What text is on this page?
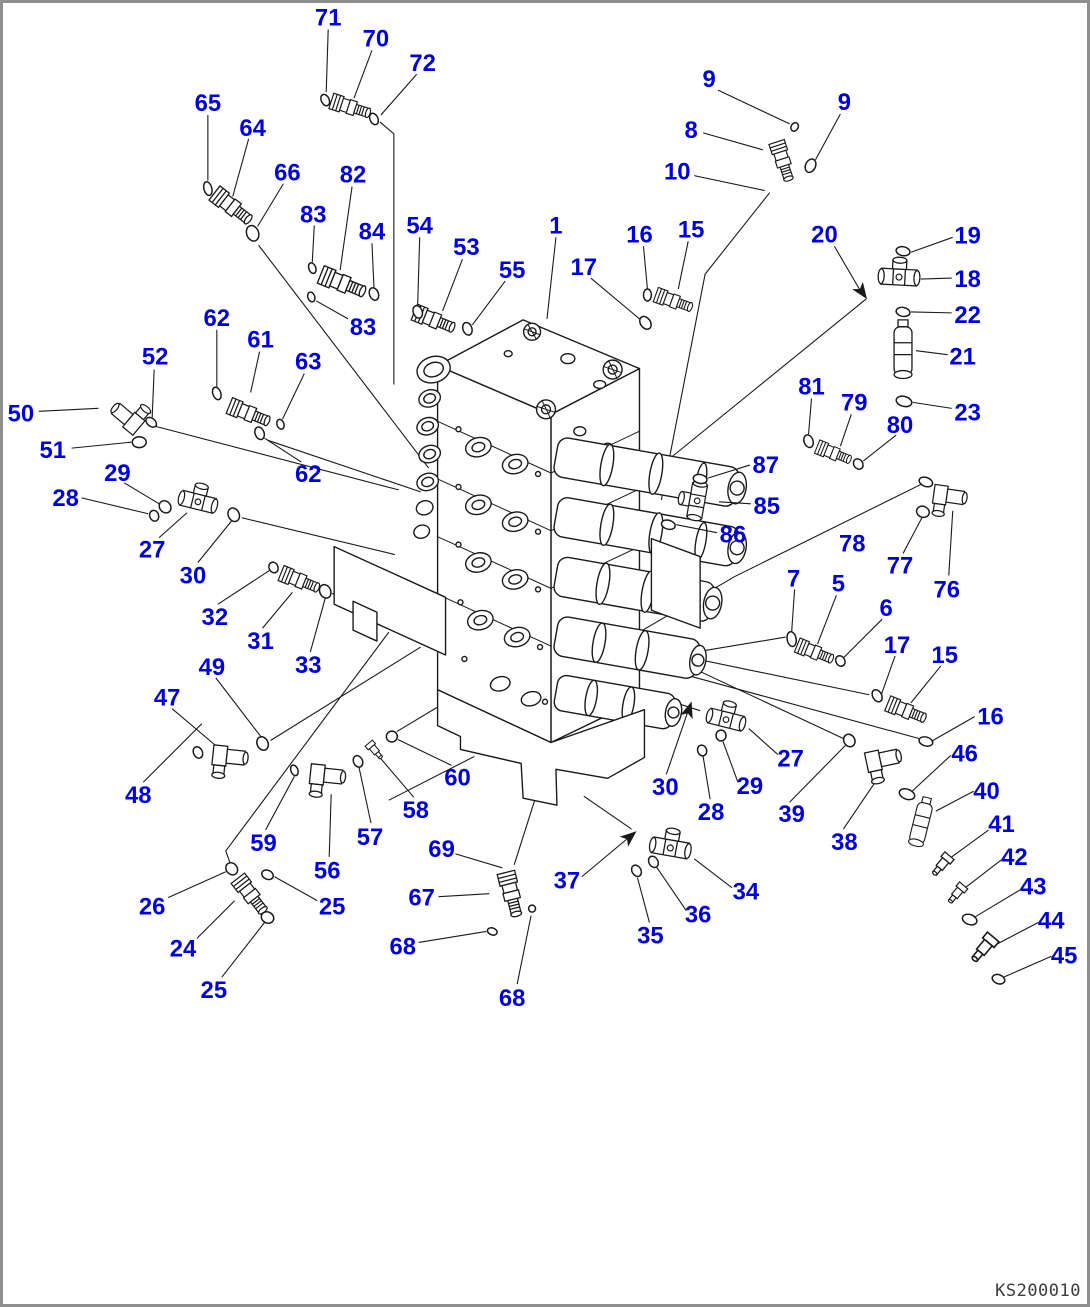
71
70
72
65
64
66 82
83
84 54
53
55
1
17
16 15
9
9
8
10
20	19
18
22
21
23
62
61
63
83
52
50
51
29
28
27
30
62
81
79
80
87
85
86	78
77
76
32
31
33
49
47
48
7 5
6
17 15
16
59
56
57
58
60
69
67
68
68
26	25
24
25
37
35
36
34
27
29
30
28 39
38
46
40
41
42
43
44
45
KS200010
